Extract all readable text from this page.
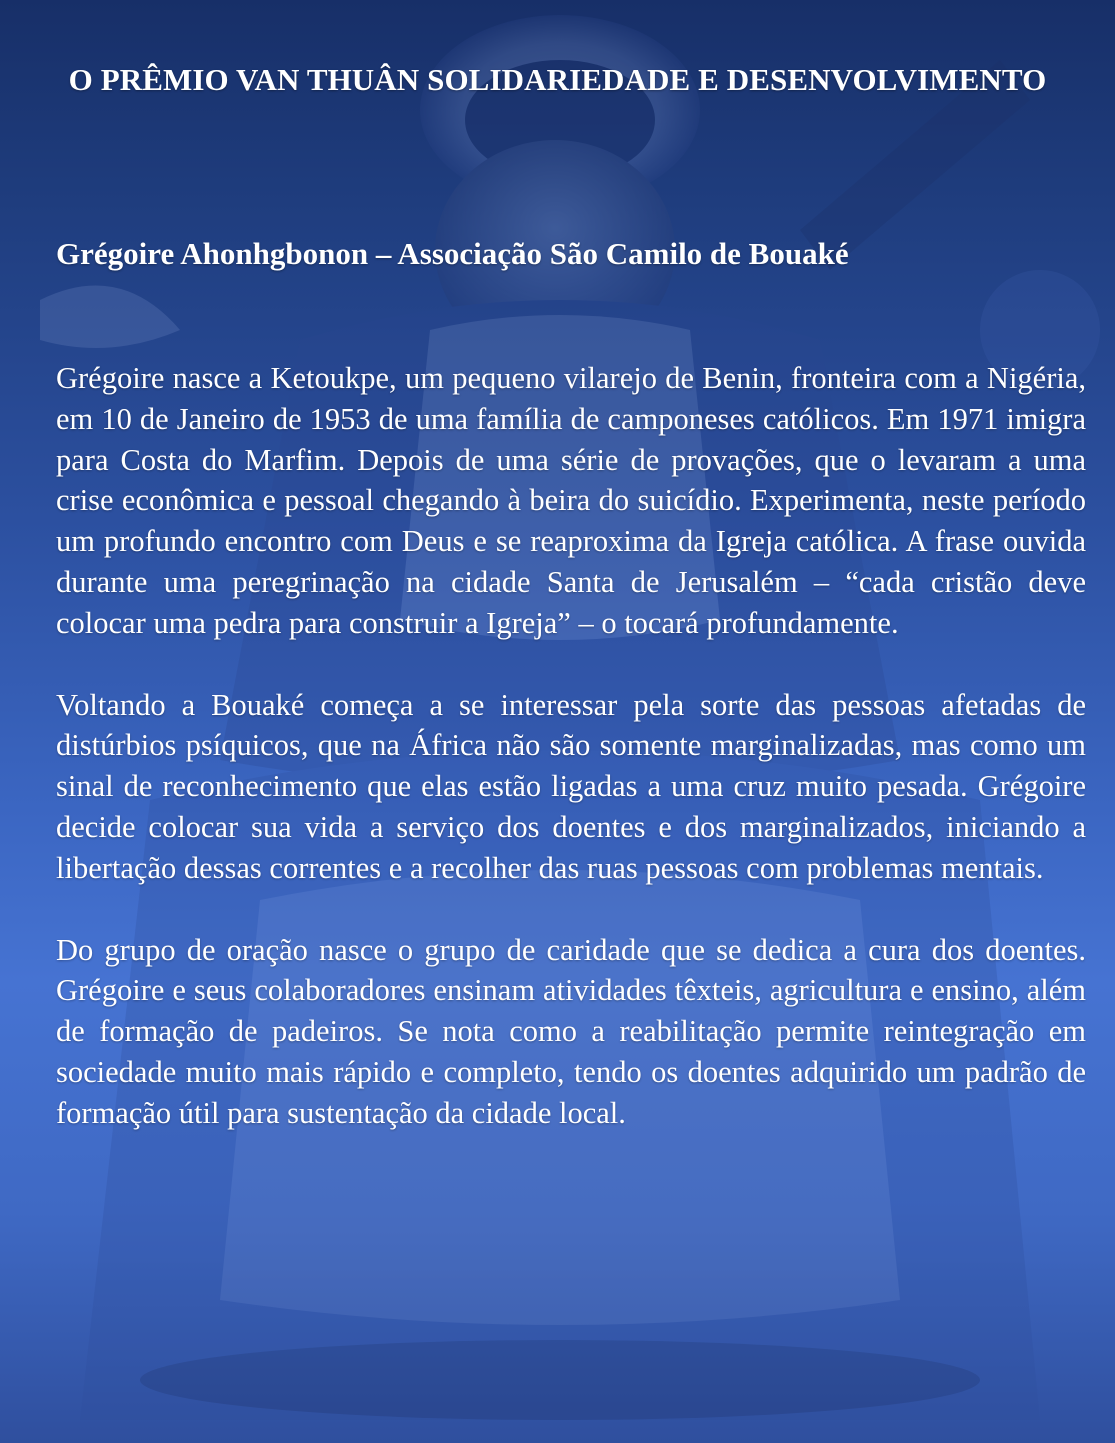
O PRÊMIO VAN THUÂN SOLIDARIEDADE E DESENVOLVIMENTO
Grégoire Ahonhgbonon – Associação São Camilo de Bouaké

Grégoire nasce a Ketoukpe, um pequeno vilarejo de Benin, fronteira com a Nigéria, em 10 de Janeiro de 1953 de uma família de camponeses católicos. Em 1971 imigra para Costa do Marfim. Depois de uma série de provações, que o levaram a uma crise econômica e pessoal chegando à beira do suicídio. Experimenta, neste período um profundo encontro com Deus e se reaproxima da Igreja católica. A frase ouvida durante uma peregrinação na cidade Santa de Jerusalém – “cada cristão deve colocar uma pedra para construir a Igreja” – o tocará profundamente.

Voltando a Bouaké começa a se interessar pela sorte das pessoas afetadas de distúrbios psíquicos, que na África não são somente marginalizadas, mas como um sinal de reconhecimento que elas estão ligadas a uma cruz muito pesada. Grégoire decide colocar sua vida a serviço dos doentes e dos marginalizados, iniciando a libertação dessas correntes e a recolher das ruas pessoas com problemas mentais.

Do grupo de oração nasce o grupo de caridade que se dedica a cura dos doentes. Grégoire e seus colaboradores ensinam atividades têxteis, agricultura e ensino, além de formação de padeiros. Se nota como a reabilitação permite reintegração em sociedade muito mais rápido e completo, tendo os doentes adquirido um padrão de formação útil para sustentação da cidade local.
